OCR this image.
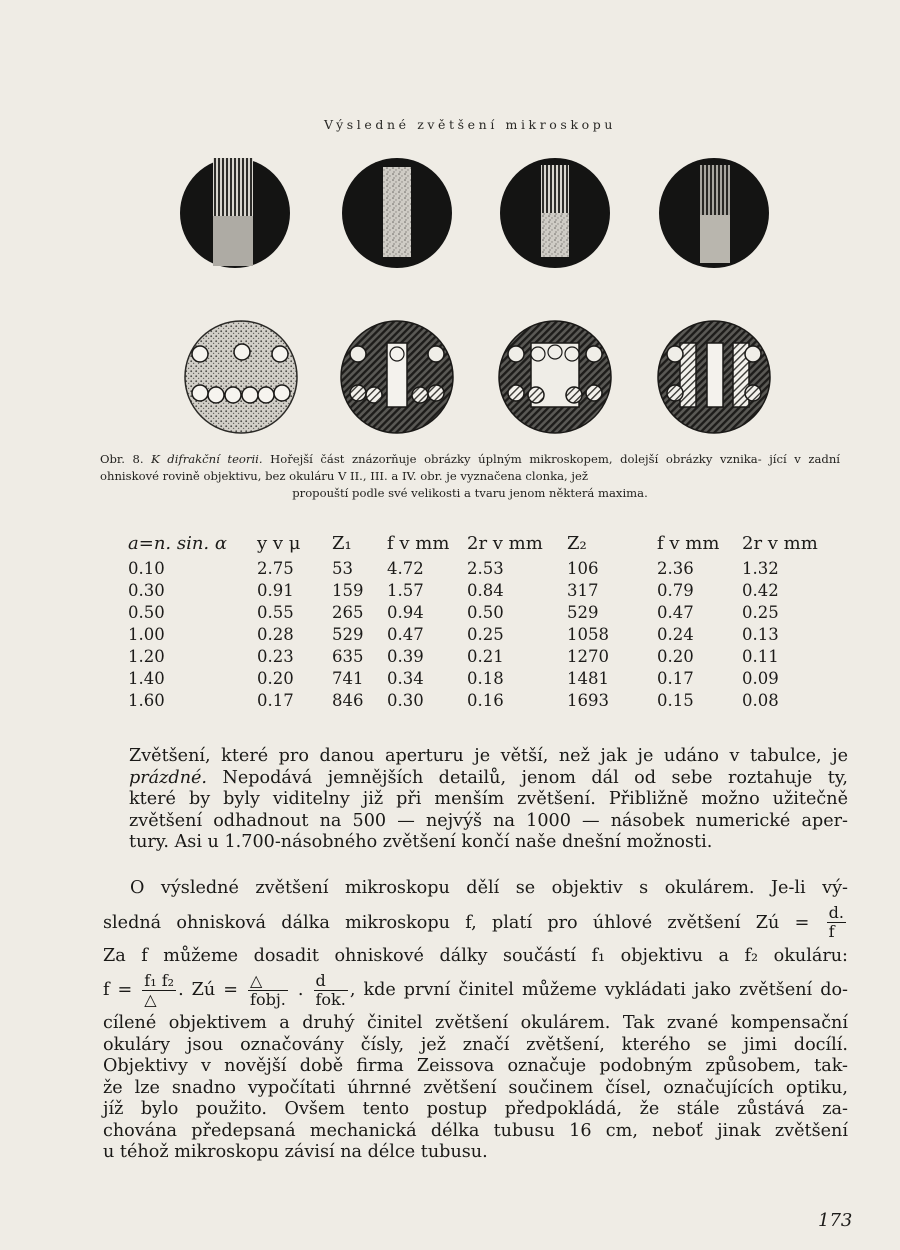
Výsledné zvětšení mikroskopu
Obr. 8. K difrakční teorii. Hořejší část znázorňuje obrázky úplným mikroskopem, dolejší obrázky vznika- jící v zadní ohniskové rovině objektivu, bez okuláru V II., III. a IV. obr. je vyznačena clonka, jež
propouští podle své velikosti a tvaru jenom některá maxima.
a=n. sin. α	y v μ	Z₁	f v mm	2r v mm	Z₂	f v mm	2r v mm
0.10	2.75	53	4.72	2.53	106	2.36	1.32
0.30	0.91	159	1.57	0.84	317	0.79	0.42
0.50	0.55	265	0.94	0.50	529	0.47	0.25
1.00	0.28	529	0.47	0.25	1058	0.24	0.13
1.20	0.23	635	0.39	0.21	1270	0.20	0.11
1.40	0.20	741	0.34	0.18	1481	0.17	0.09
1.60	0.17	846	0.30	0.16	1693	0.15	0.08
Zvětšení, které pro danou aperturu je větší, než jak je udáno v tabulce, je
prázdné. Nepodává jemnějších detailů, jenom dál od sebe roztahuje ty,
které by byly viditelny již při menším zvětšení. Přibližně možno užitečně
zvětšení odhadnout na 500 — nejvýš na 1000 — násobek numerické aper-
tury. Asi u 1.700-násobného zvětšení končí naše dnešní možnosti.
O výsledné zvětšení mikroskopu dělí se objektiv s okulárem. Je-li vý-
sledná ohnisková dálka mikroskopu f, platí pro úhlové zvětšení Zú = $\frac{d.}{f}$
Za f můžeme dosadit ohniskové dálky součástí f₁ objektivu a f₂ okuláru:
$f = \frac{\text{f₁ f₂}}{\triangle}$ . Zú = $\frac{\triangle}{\text{fobj.}}$ . $\frac{d}{\text{fok.}}$ , kde první činitel můžeme vykládati jako zvětšení do-
cílené objektivem a druhý činitel zvětšení okulárem. Tak zvané kompensační
okuláry jsou označovány čísly, jež značí zvětšení, kterého se jimi docílí.
Objektivy v novější době firma Zeissova označuje podobným způsobem, tak-
že lze snadno vypočítati úhrnné zvětšení součinem čísel, označujících optiku,
jíž bylo použito. Ovšem tento postup předpokládá, že stále zůstává za-
chována předepsaná mechanická délka tubusu 16 cm, neboť jinak zvětšení
u téhož mikroskopu závisí na délce tubusu.
173
